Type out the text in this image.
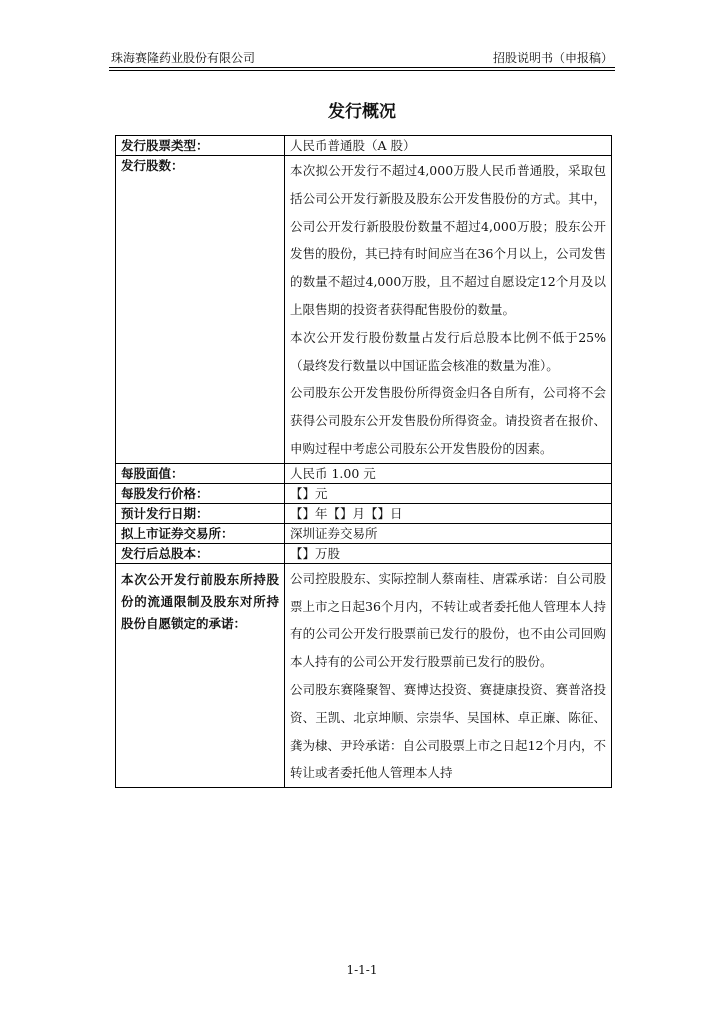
珠海赛隆药业股份有限公司	招股说明书（申报稿）
发行概况
发行股票类型：	人民币普通股（A 股）

发行股数：	本次拟公开发行不超过4,000万股人民币普通股，采取包括公司公开发行新股及股东公开发售股份的方式。其中，公司公开发行新股股份数量不超过4,000万股；股东公开发售的股份，其已持有时间应当在36个月以上，公司发售的数量不超过4,000万股，且不超过自愿设定12个月及以上限售期的投资者获得配售股份的数量。

本次公开发行股份数量占发行后总股本比例不低于25%（最终发行数量以中国证监会核准的数量为准）。

公司股东公开发售股份所得资金归各自所有，公司将不会获得公司股东公开发售股份所得资金。请投资者在报价、申购过程中考虑公司股东公开发售股份的因素。

每股面值：	人民币 1.00 元

每股发行价格：	【】元

预计发行日期：	【】年【】月【】日

拟上市证券交易所：	深圳证券交易所

发行后总股本：	【】万股

本次公开发行前股东所持股份的流通限制及股东对所持股份自愿锁定的承诺：	公司控股股东、实际控制人蔡南桂、唐霖承诺：自公司股票上市之日起36个月内，不转让或者委托他人管理本人持有的公司公开发行股票前已发行的股份，也不由公司回购本人持有的公司公开发行股票前已发行的股份。

公司股东赛隆聚智、赛博达投资、赛捷康投资、赛普洛投资、王凯、北京坤顺、宗崇华、吴国林、卓正廉、陈征、龚为棣、尹玲承诺：自公司股票上市之日起12个月内，不转让或者委托他人管理本人持

1-1-1
